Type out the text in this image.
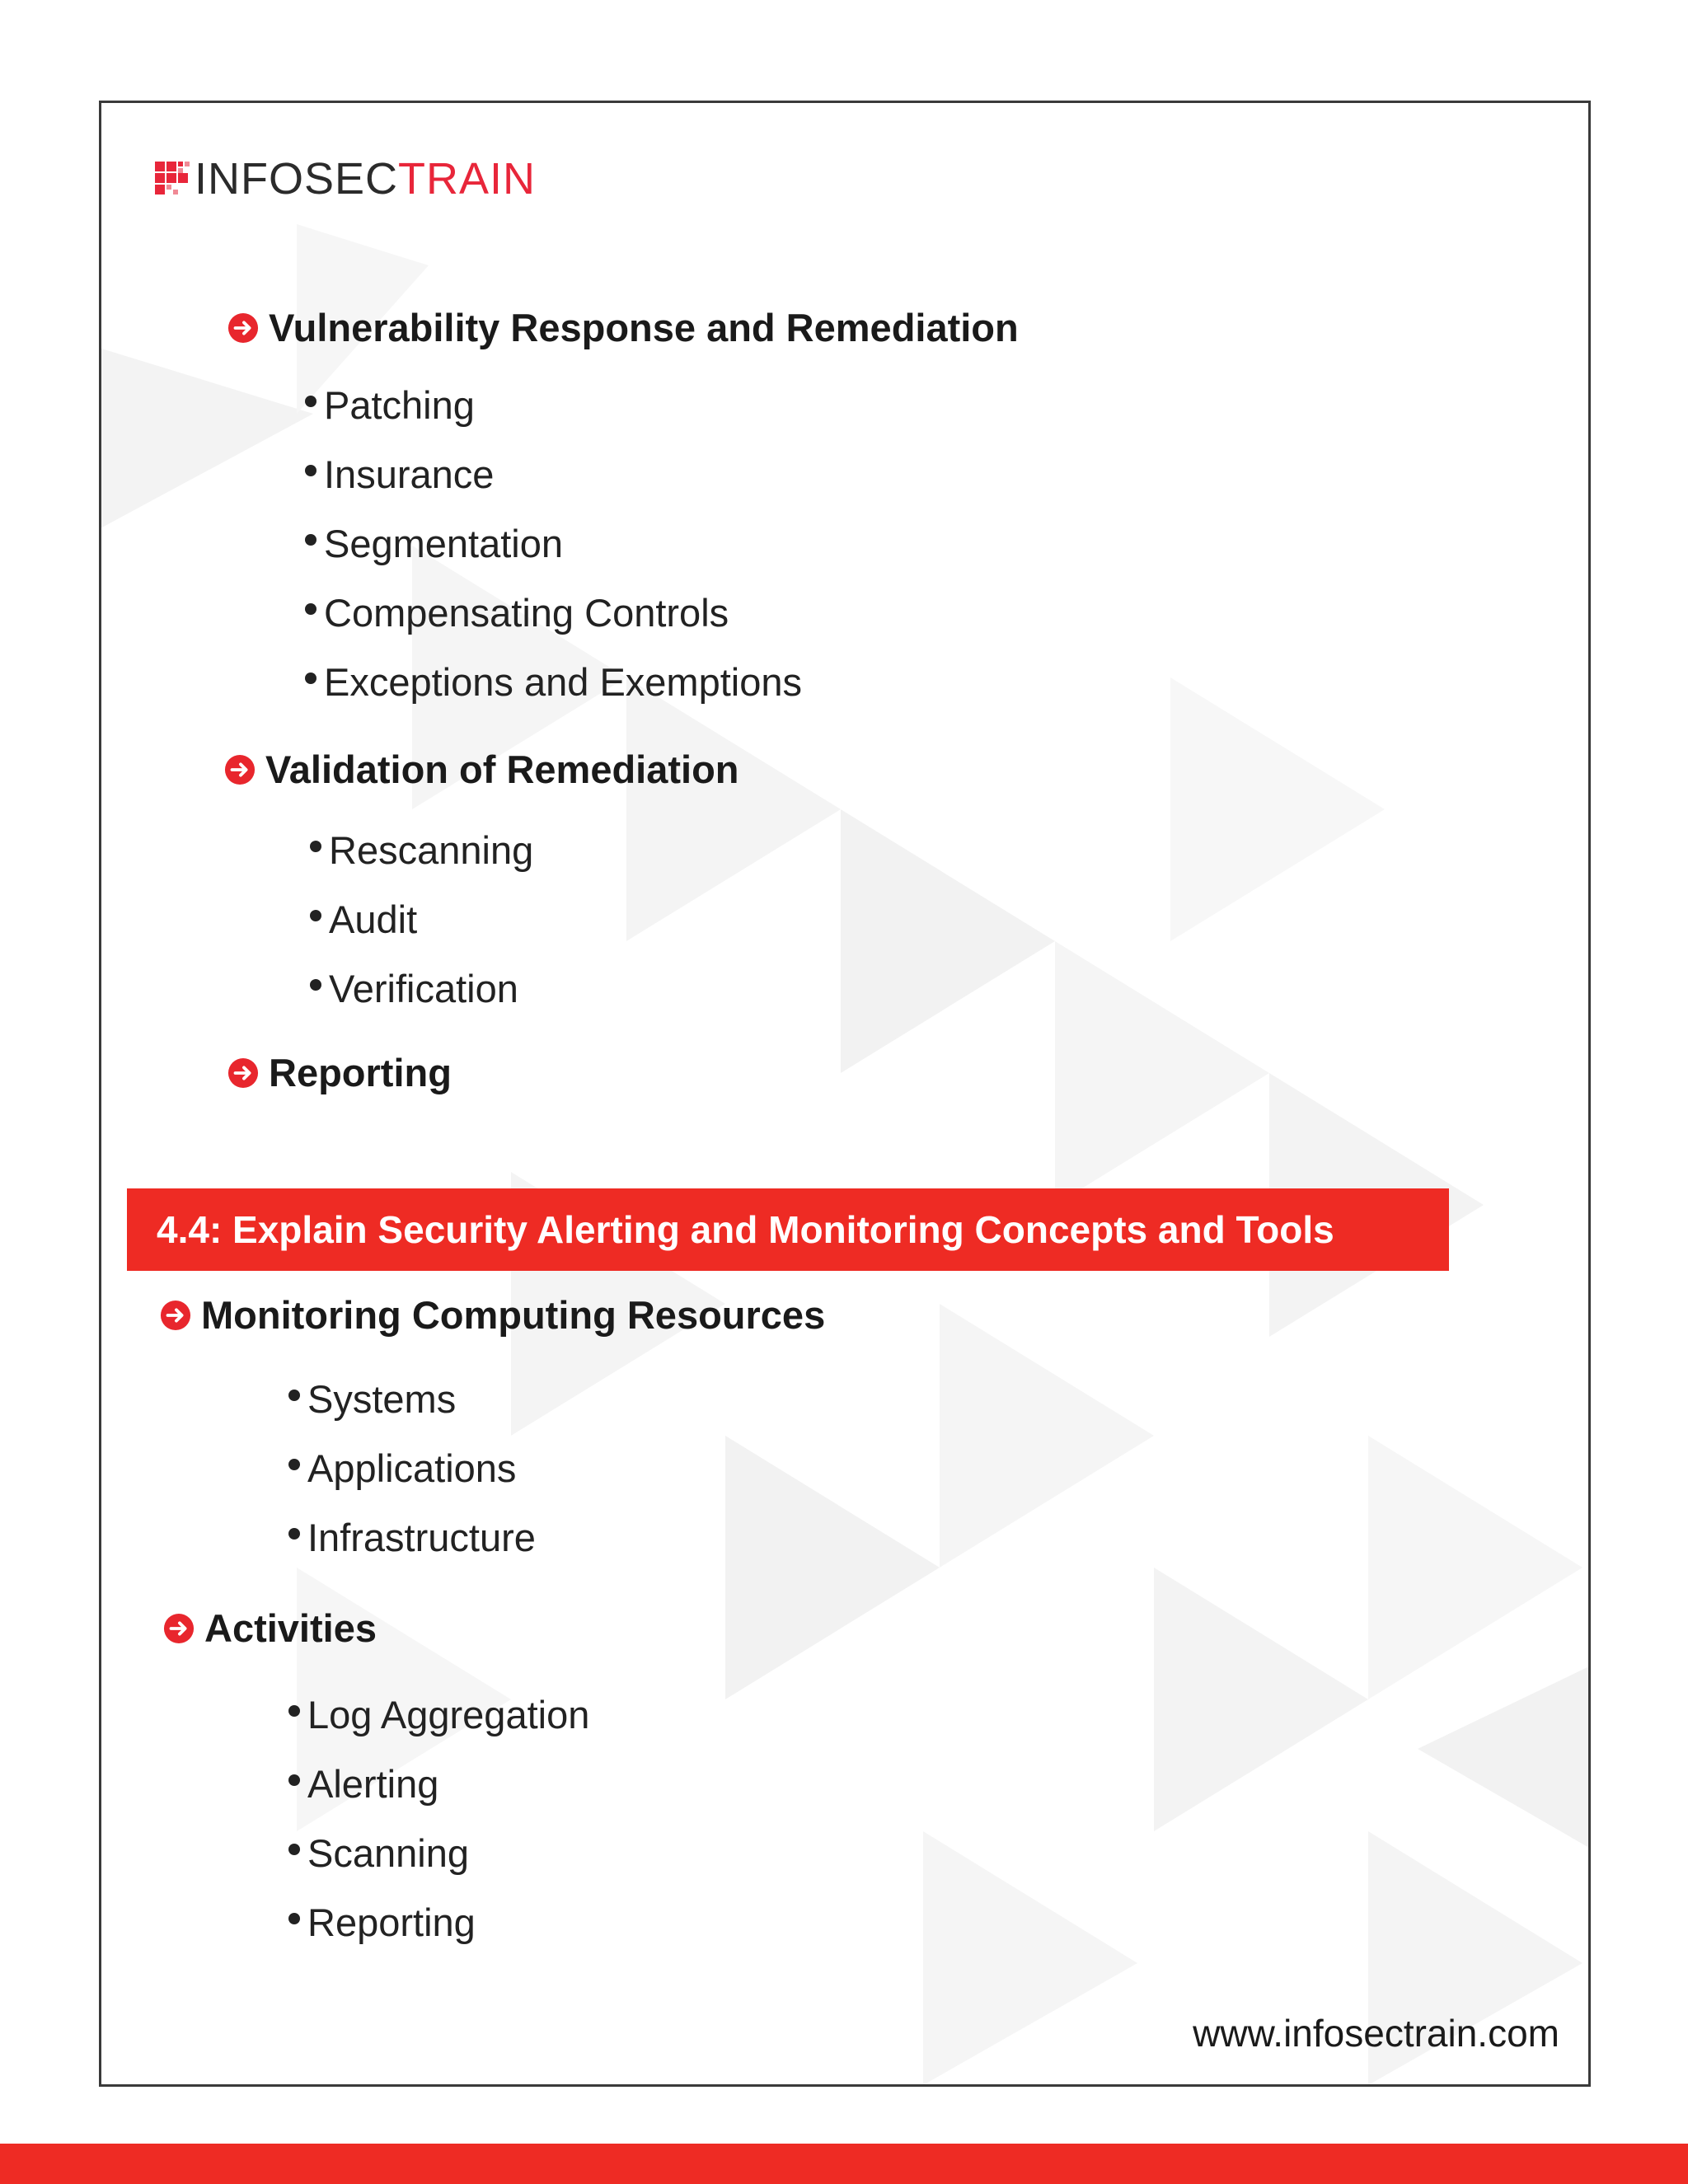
INFOSECTRAIN
Vulnerability Response and Remediation
Patching
Insurance
Segmentation
Compensating Controls
Exceptions and Exemptions
Validation of Remediation
Rescanning
Audit
Verification
Reporting
4.4: Explain Security Alerting and Monitoring Concepts and Tools
Monitoring Computing Resources
Systems
Applications
Infrastructure
Activities
Log Aggregation
Alerting
Scanning
Reporting
www.infosectrain.com
